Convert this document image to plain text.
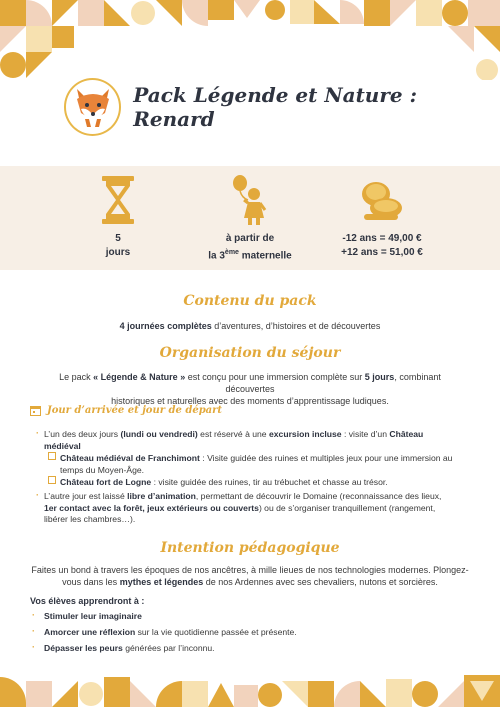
Pack Légende et Nature : Renard
5
jours
à partir de
la 3ème maternelle
-12 ans = 49,00 €
+12 ans = 51,00 €
Contenu du pack
4 journées complètes d’aventures, d’histoires et de découvertes
Organisation du séjour
Le pack « Légende & Nature » est conçu pour une immersion complète sur 5 jours, combinant découvertes
historiques et naturelles avec des moments d’apprentissage ludiques.
Jour d’arrivée et jour de départ
· L’un des deux jours (lundi ou vendredi) est réservé à une excursion incluse : visite d’un Château
médiéval
Château médiéval de Franchimont : Visite guidée des ruines et multiples jeux pour une immersion au
temps du Moyen-Âge.
Château fort de Logne : visite guidée des ruines, tir au trébuchet et chasse au trésor.
· L’autre jour est laissé libre d’animation, permettant de découvrir le Domaine (reconnaissance des lieux,
1er contact avec la forêt, jeux extérieurs ou couverts) ou de s’organiser tranquillement (rangement,
libérer les chambres…).
Intention pédagogique
Faites un bond à travers les époques de nos ancêtres, à mille lieues de nos technologies modernes. Plongez-
vous dans les mythes et légendes de nos Ardennes avec ses chevaliers, nutons et sorcières.
Vos élèves apprendront à :
· Stimuler leur imaginaire
· Amorcer une réflexion sur la vie quotidienne passée et présente.
· Dépasser les peurs générées par l’inconnu.
